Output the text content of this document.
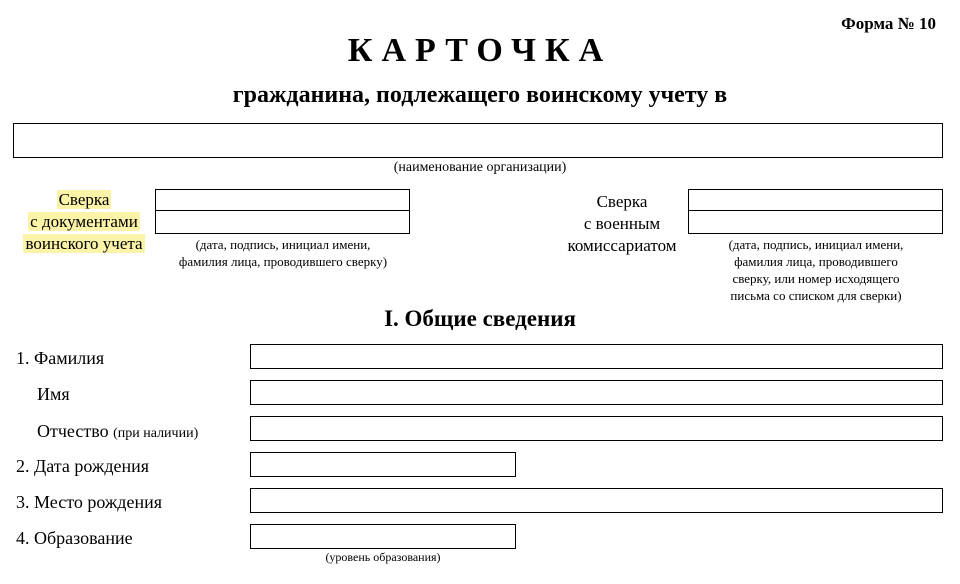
Форма № 10
КАРТОЧКА
гражданина, подлежащего воинскому учету в
(наименование организации)
Сверка
с документами
воинского учета	(дата, подпись, инициал имени,
фамилия лица, проводившего сверку)
Сверка
с военным
комиссариатом	(дата, подпись, инициал имени,
фамилия лица, проводившего
сверку, или номер исходящего
письма со списком для сверки)
I. Общие сведения
1. Фамилия
Имя
Отчество (при наличии)
2. Дата рождения
3. Место рождения
4. Образование
(уровень образования)
